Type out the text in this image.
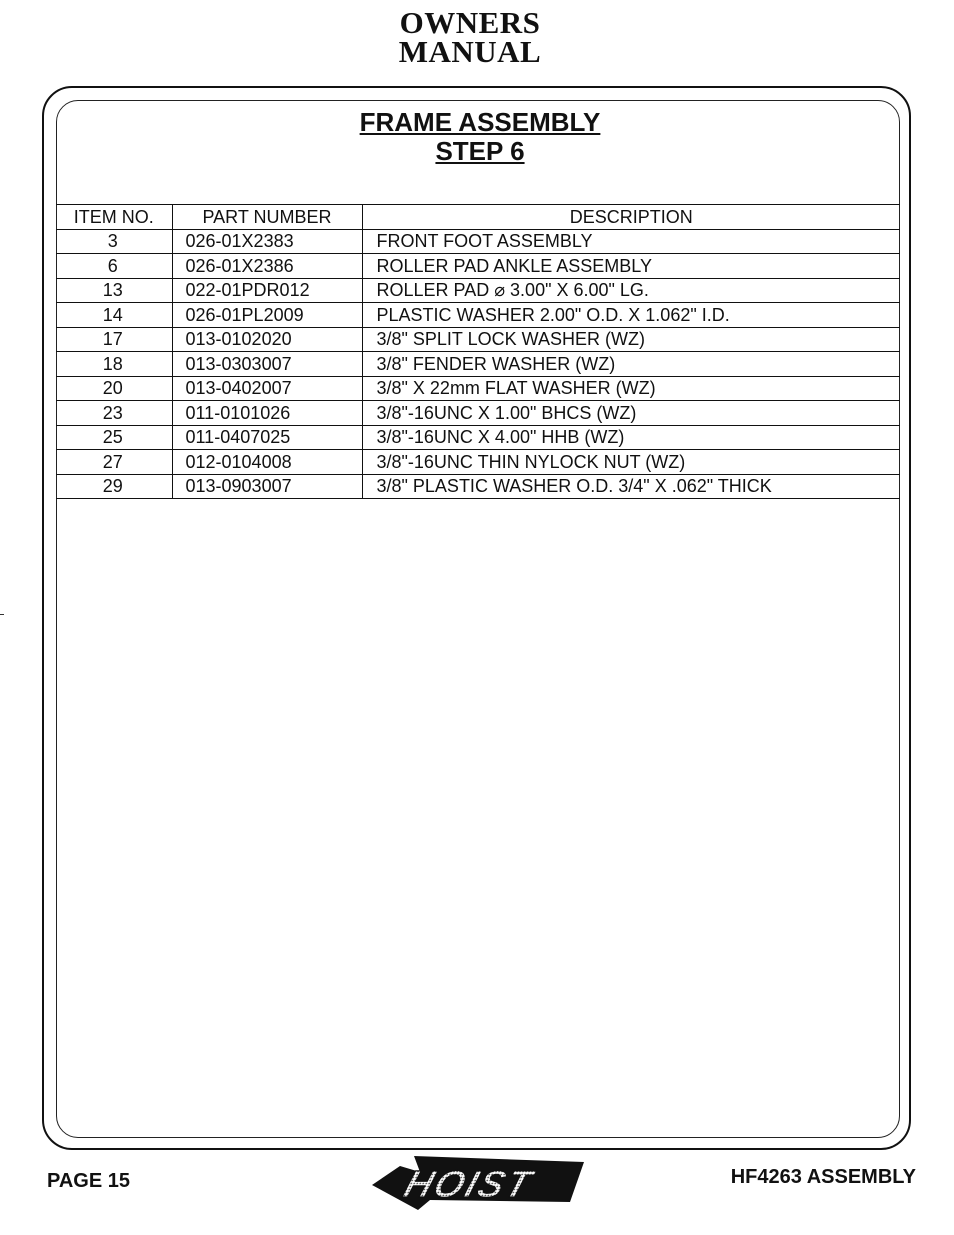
OWNERS
MANUAL
FRAME ASSEMBLY
STEP 6
ITEM NO.	PART NUMBER	DESCRIPTION
3	026-01X2383	FRONT FOOT ASSEMBLY
6	026-01X2386	ROLLER PAD ANKLE ASSEMBLY
13	022-01PDR012	ROLLER PAD ⌀ 3.00" X 6.00" LG.
14	026-01PL2009	PLASTIC WASHER 2.00" O.D. X 1.062" I.D.
17	013-0102020	3/8" SPLIT LOCK WASHER (WZ)
18	013-0303007	3/8" FENDER WASHER (WZ)
20	013-0402007	3/8" X 22mm FLAT WASHER (WZ)
23	011-0101026	3/8"-16UNC X 1.00" BHCS (WZ)
25	011-0407025	3/8"-16UNC X 4.00" HHB (WZ)
27	012-0104008	3/8"-16UNC THIN NYLOCK NUT (WZ)
29	013-0903007	3/8" PLASTIC WASHER O.D. 3/4" X .062" THICK
PAGE 15	HOIST	HF4263 ASSEMBLY
